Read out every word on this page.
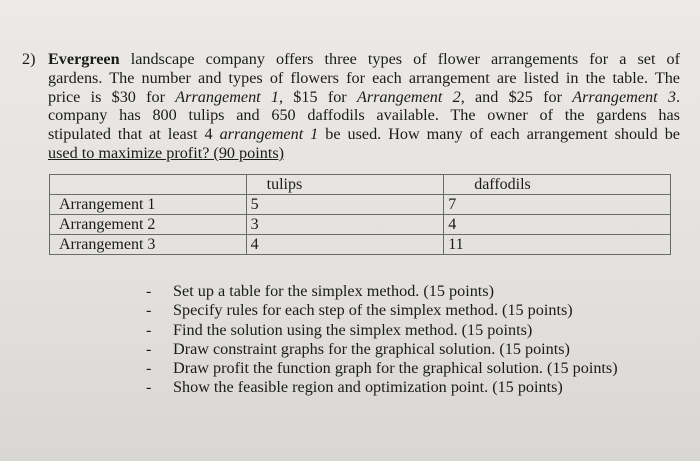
2) Evergreen landscape company offers three types of flower arrangements for a set of
gardens. The number and types of flowers for each arrangement are listed in the table. The
price is $30 for Arrangement 1, $15 for Arrangement 2, and $25 for Arrangement 3.
company has 800 tulips and 650 daffodils available. The owner of the gardens has
stipulated that at least 4 arrangement 1 be used. How many of each arrangement should be
used to maximize profit? (90 points)
	tulips	daffodils
Arrangement 1	5	7
Arrangement 2	3	4
Arrangement 3	4	11
- Set up a table for the simplex method. (15 points)
- Specify rules for each step of the simplex method. (15 points)
- Find the solution using the simplex method. (15 points)
- Draw constraint graphs for the graphical solution. (15 points)
- Draw profit the function graph for the graphical solution. (15 points)
- Show the feasible region and optimization point. (15 points)
